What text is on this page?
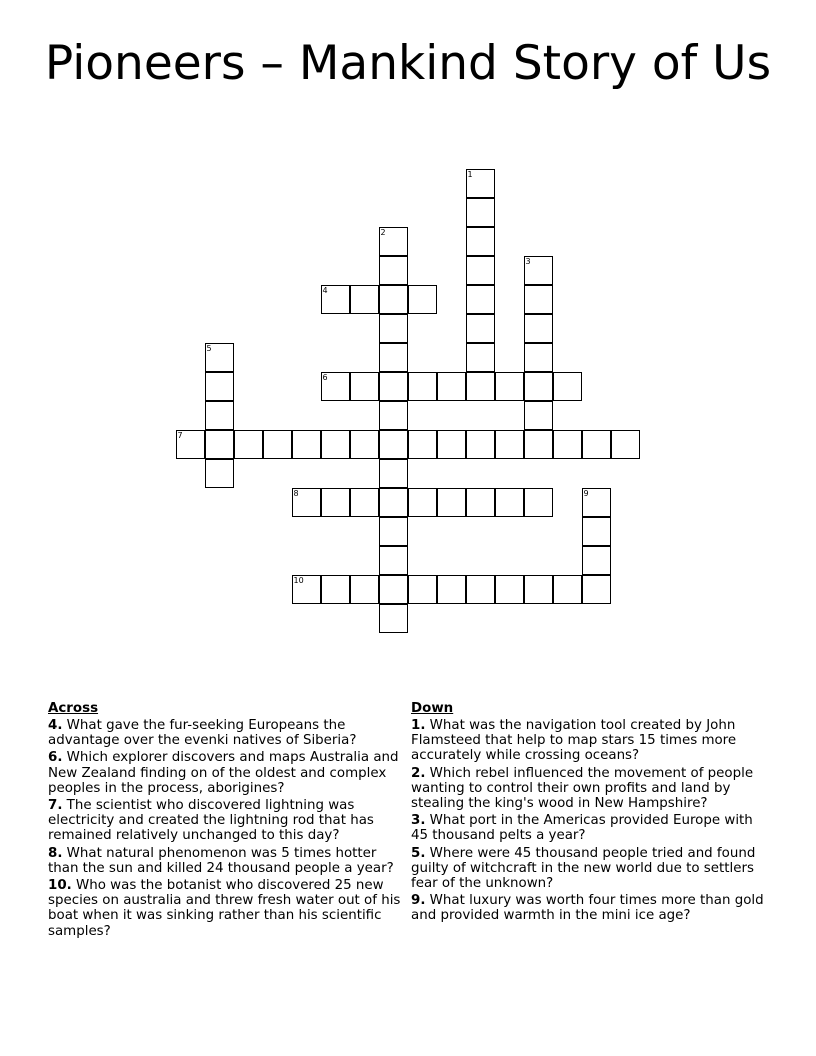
Pioneers – Mankind Story of Us
1
2
3
4
5
6
7
8	9
10
Across
4. What gave the fur-seeking Europeans the advantage over the evenki natives of Siberia?
6. Which explorer discovers and maps Australia and New Zealand finding on of the oldest and complex peoples in the process, aborigines?
7. The scientist who discovered lightning was electricity and created the lightning rod that has remained relatively unchanged to this day?
8. What natural phenomenon was 5 times hotter than the sun and killed 24 thousand people a year?
10. Who was the botanist who discovered 25 new species on australia and threw fresh water out of his boat when it was sinking rather than his scientific samples?
Down
1. What was the navigation tool created by John Flamsteed that help to map stars 15 times more accurately while crossing oceans?
2. Which rebel influenced the movement of people wanting to control their own profits and land by stealing the king's wood in New Hampshire?
3. What port in the Americas provided Europe with 45 thousand pelts a year?
5. Where were 45 thousand people tried and found guilty of witchcraft in the new world due to settlers fear of the unknown?
9. What luxury was worth four times more than gold and provided warmth in the mini ice age?
